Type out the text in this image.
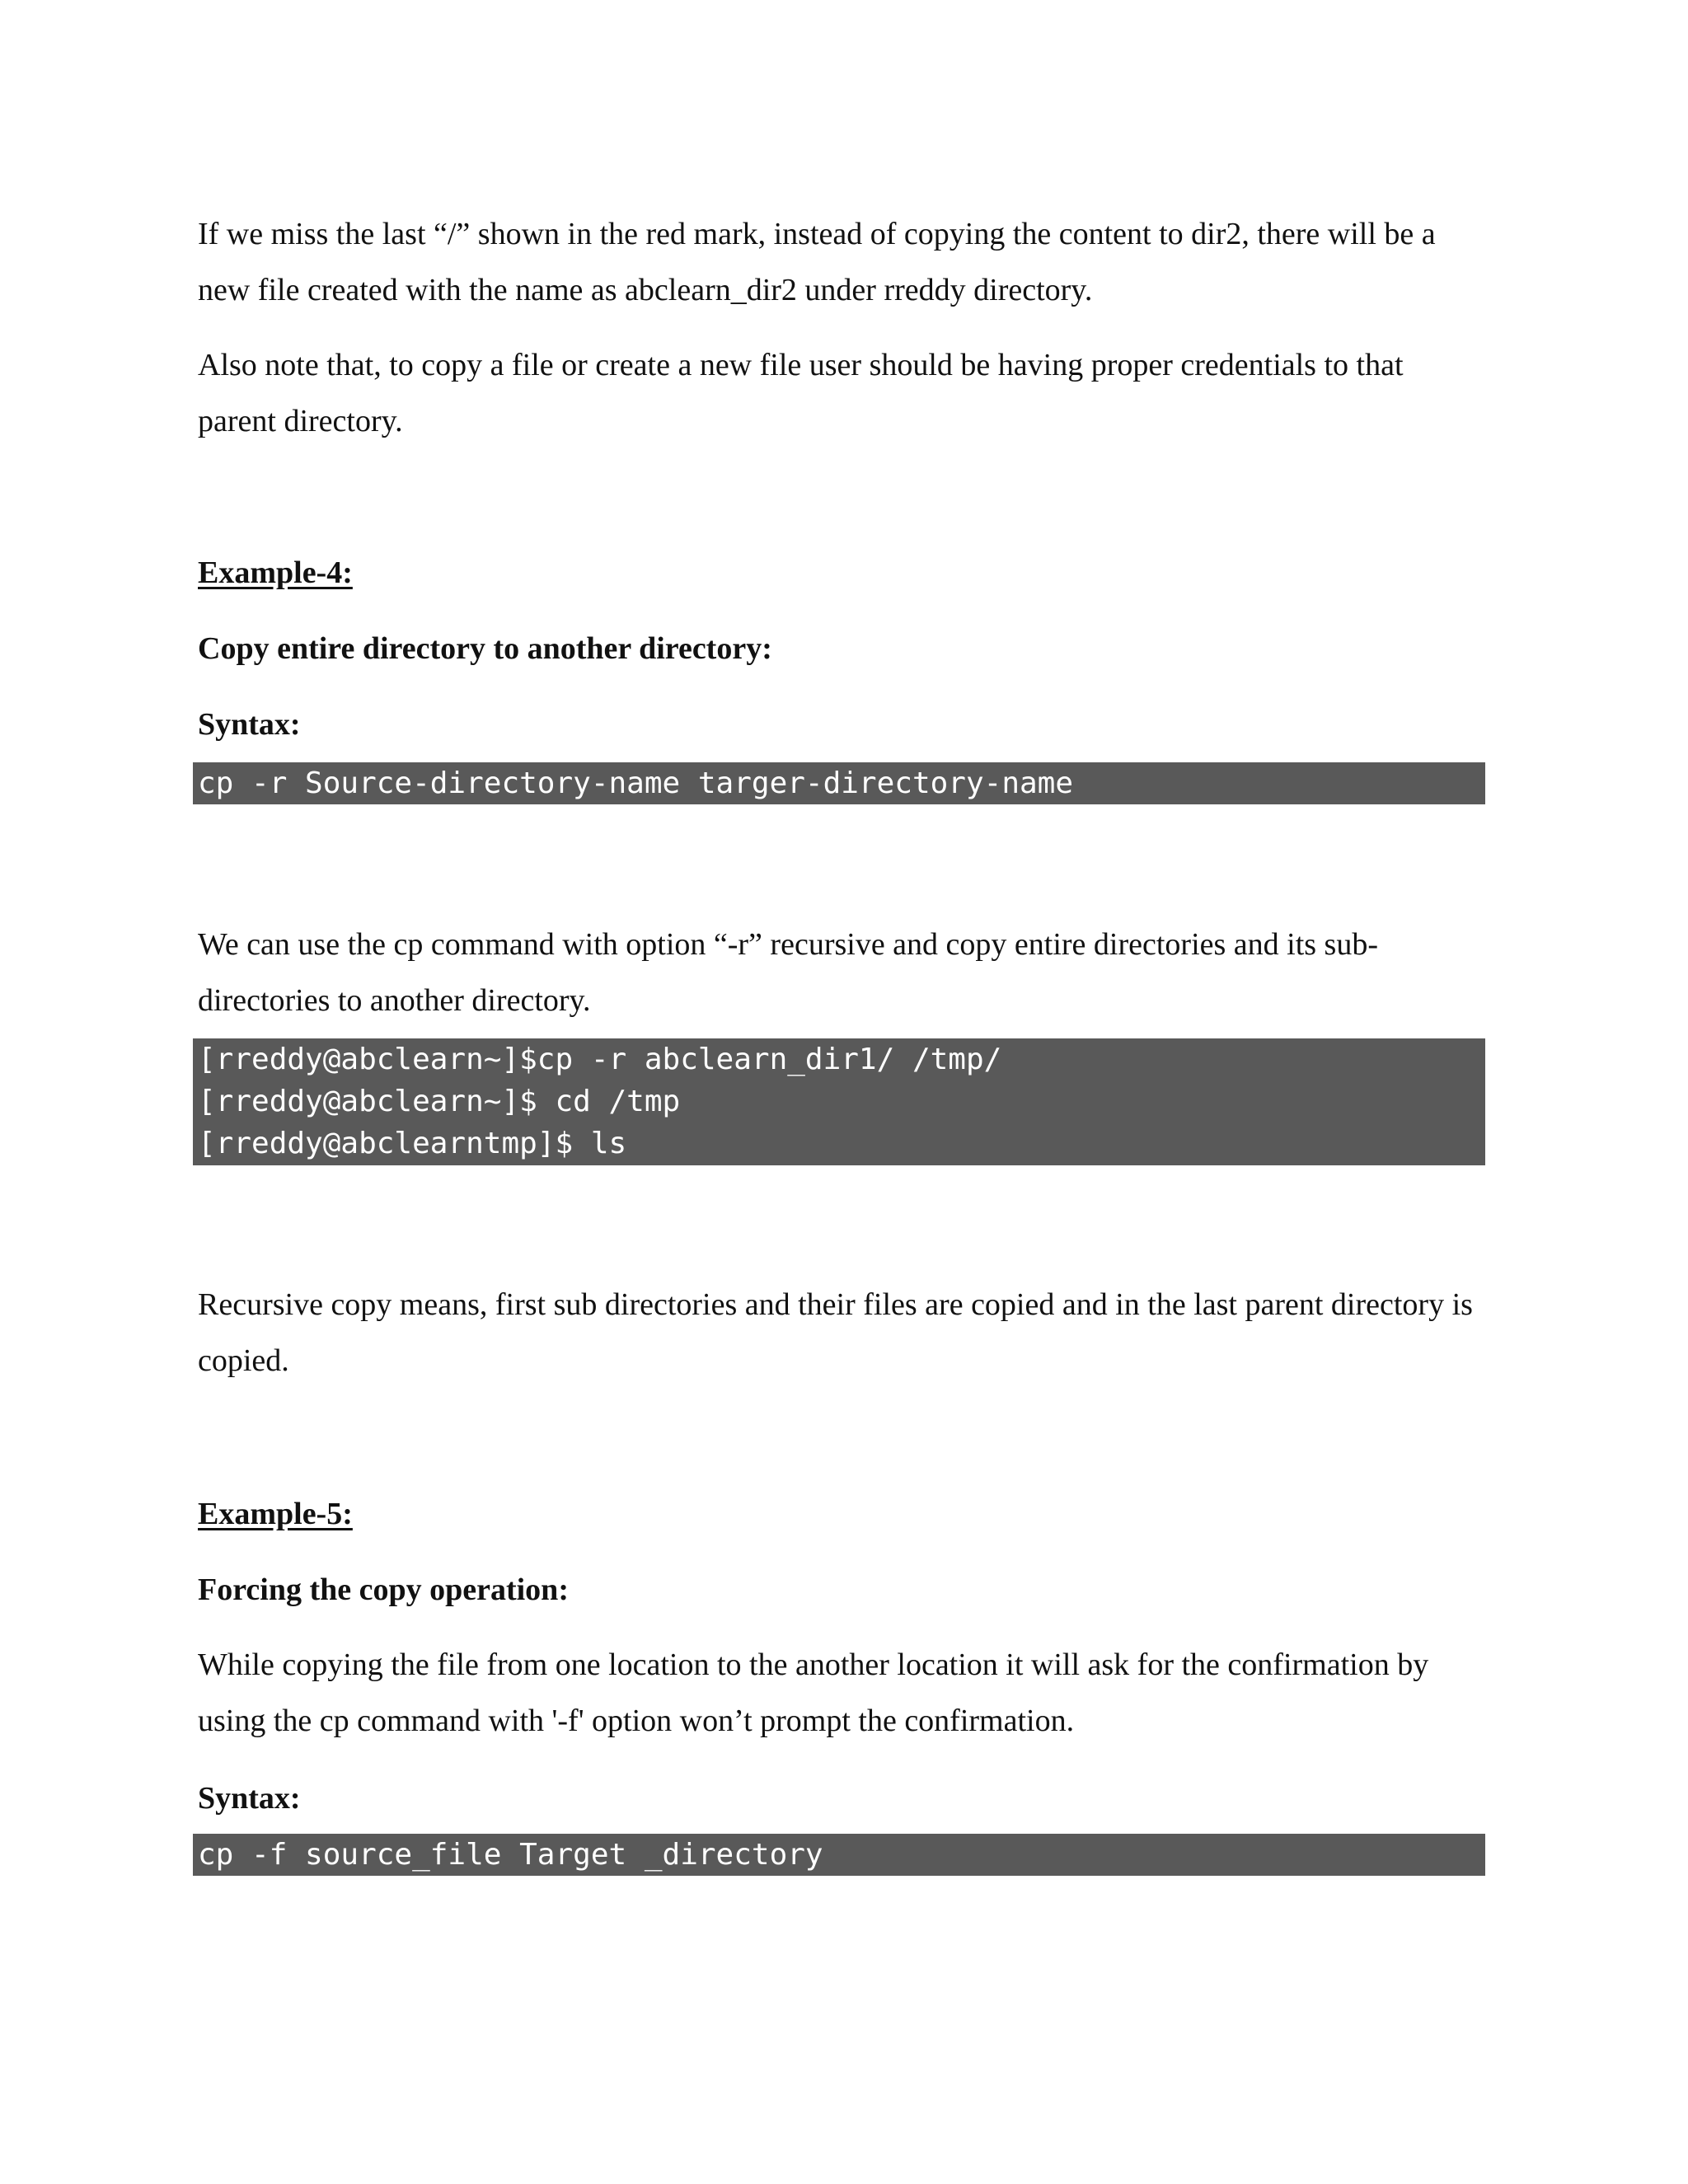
If we miss the last “/” shown in the red mark, instead of copying the content to dir2, there will be a new file created with the name as abclearn_dir2 under rreddy directory.

Also note that, to copy a file or create a new file user should be having proper credentials to that parent directory.

Example-4:
Copy entire directory to another directory:
Syntax:
cp -r Source-directory-name targer-directory-name

We can use the cp command with option “-r” recursive and copy entire directories and its sub-directories to another directory.

[rreddy@abclearn~]$cp -r abclearn_dir1/ /tmp/
[rreddy@abclearn~]$ cd /tmp
[rreddy@abclearntmp]$ ls

Recursive copy means, first sub directories and their files are copied and in the last parent directory is copied.

Example-5:
Forcing the copy operation:

While copying the file from one location to the another location it will ask for the confirmation by using the cp command with '-f' option won’t prompt the confirmation.

Syntax:
cp -f source_file Target _directory
